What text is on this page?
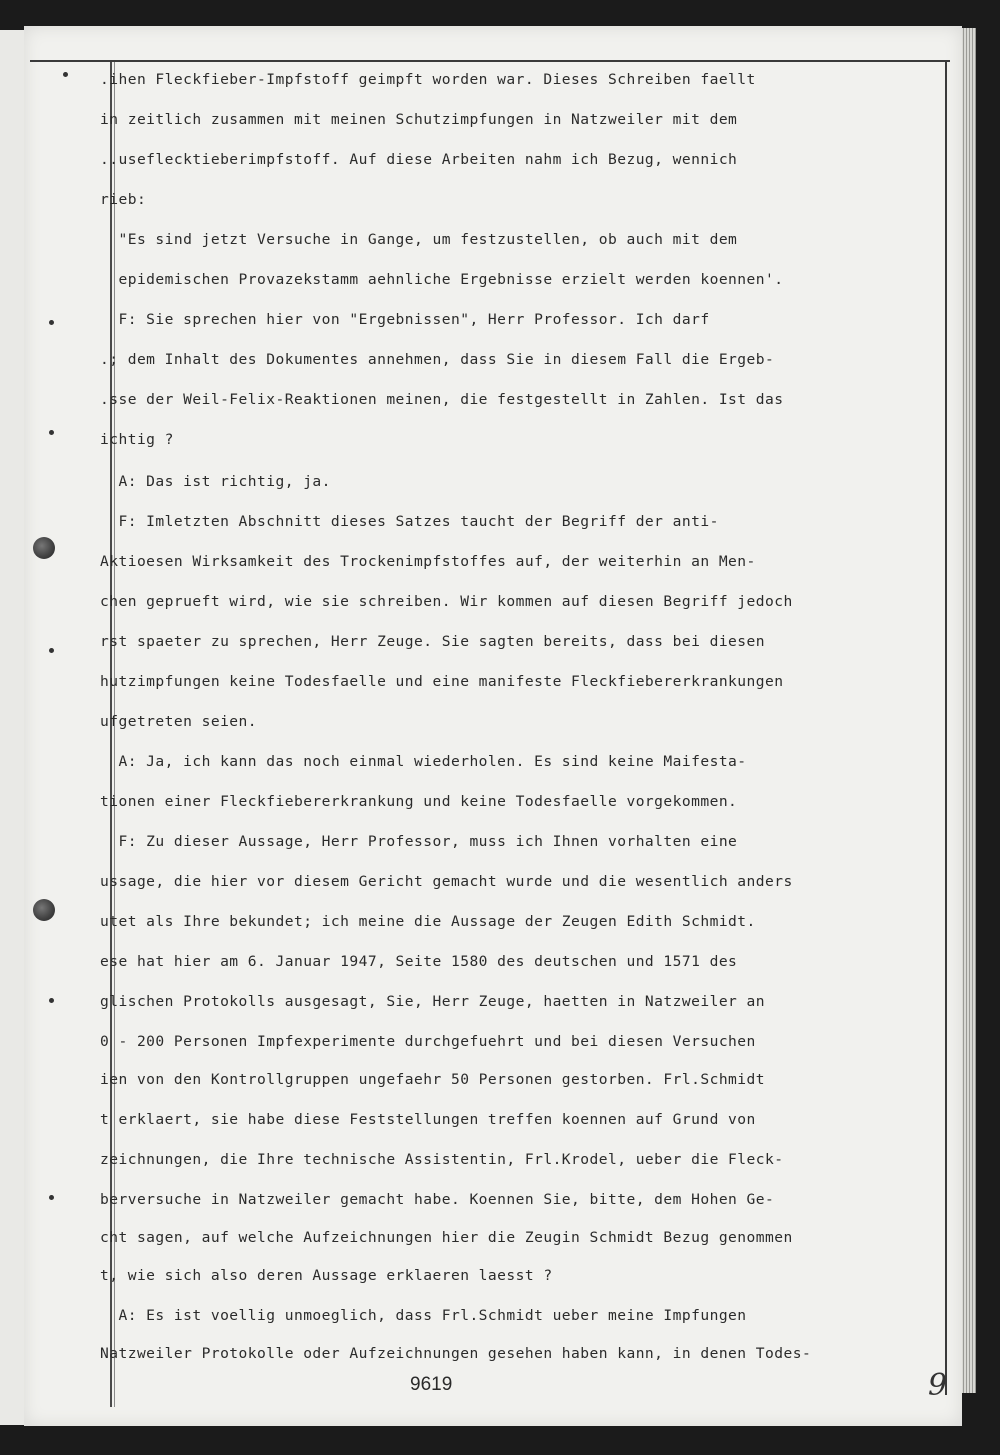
.ihen Fleckfieber-Impfstoff geimpft worden war. Dieses Schreiben faellt
in zeitlich zusammen mit meinen Schutzimpfungen in Natzweiler mit dem
..useflecktieberimpfstoff. Auf diese Arbeiten nahm ich Bezug, wennich
rieb:
"Es sind jetzt Versuche in Gange, um festzustellen, ob auch mit dem
epidemischen Provazekstamm aehnliche Ergebnisse erzielt werden koennen'.
F: Sie sprechen hier von "Ergebnissen", Herr Professor. Ich darf
.; dem Inhalt des Dokumentes annehmen, dass Sie in diesem Fall die Ergeb-
.sse der Weil-Felix-Reaktionen meinen, die festgestellt in Zahlen. Ist das
ichtig ?
A: Das ist richtig, ja.
F: Imletzten Abschnitt dieses Satzes taucht der Begriff der anti-
Aktioesen Wirksamkeit des Trockenimpfstoffes auf, der weiterhin an Men-
chen geprueft wird, wie sie schreiben. Wir kommen auf diesen Begriff jedoch
rst spaeter zu sprechen, Herr Zeuge. Sie sagten bereits, dass bei diesen
hutzimpfungen keine Todesfaelle und eine manifeste Fleckfiebererkrankungen
ufgetreten seien.
A: Ja, ich kann das noch einmal wiederholen. Es sind keine Maifesta-
tionen einer Fleckfiebererkrankung und keine Todesfaelle vorgekommen.
F: Zu dieser Aussage, Herr Professor, muss ich Ihnen vorhalten eine
ussage, die hier vor diesem Gericht gemacht wurde und die wesentlich anders
utet als Ihre bekundet; ich meine die Aussage der Zeugen Edith Schmidt.
ese hat hier am 6. Januar 1947, Seite 1580 des deutschen und 1571 des
glischen Protokolls ausgesagt, Sie, Herr Zeuge, haetten in Natzweiler an
0 - 200 Personen Impfexperimente durchgefuehrt und bei diesen Versuchen
ien von den Kontrollgruppen ungefaehr 50 Personen gestorben. Frl.Schmidt
t erklaert, sie habe diese Feststellungen treffen koennen auf Grund von
zeichnungen, die Ihre technische Assistentin, Frl.Krodel, ueber die Fleck-
berversuche in Natzweiler gemacht habe. Koennen Sie, bitte, dem Hohen Ge-
cht sagen, auf welche Aufzeichnungen hier die Zeugin Schmidt Bezug genommen
t, wie sich also deren Aussage erklaeren laesst ?
A: Es ist voellig unmoeglich, dass Frl.Schmidt ueber meine Impfungen
Natzweiler Protokolle oder Aufzeichnungen gesehen haben kann, in denen Todes-
9619	9
